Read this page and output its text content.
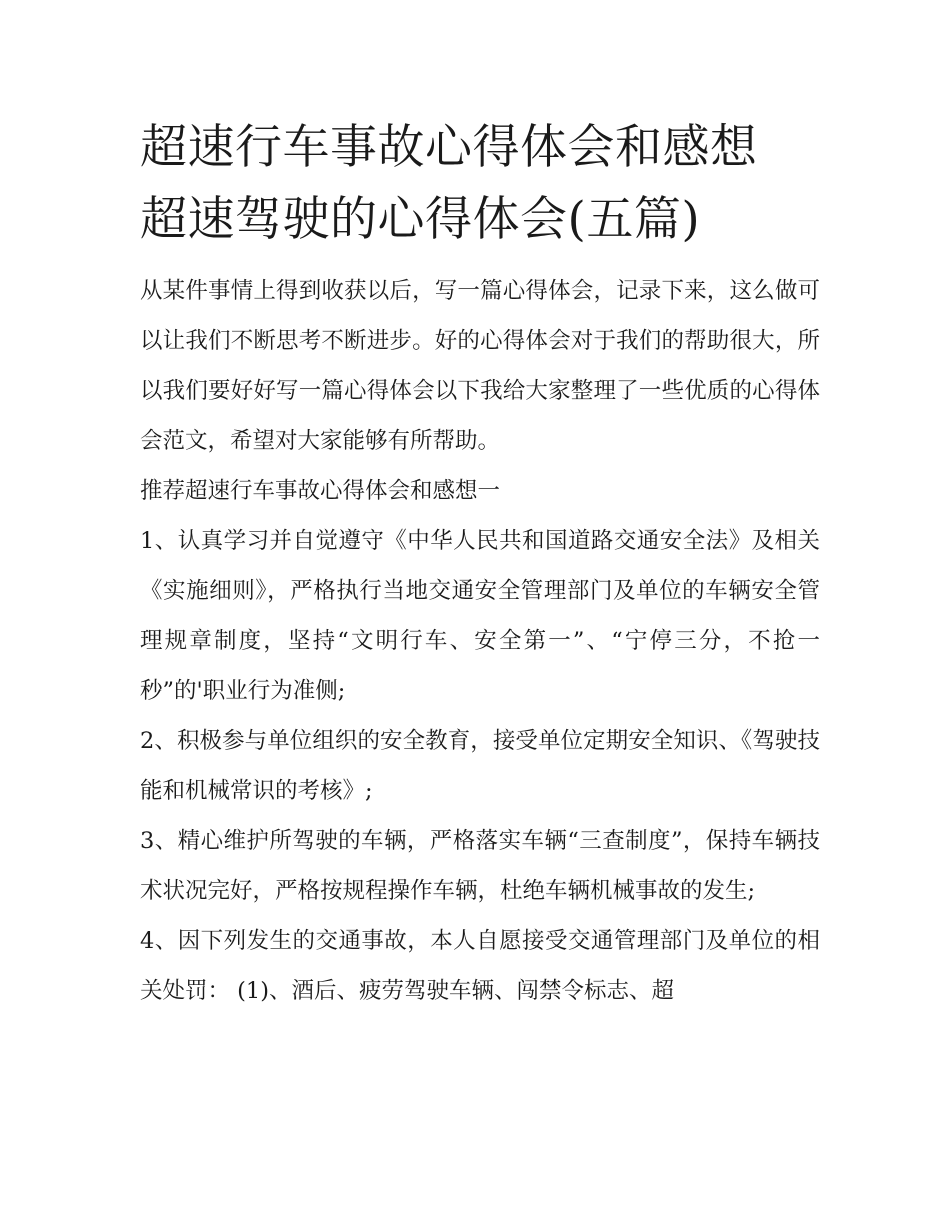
超速行车事故心得体会和感想
超速驾驶的心得体会(五篇)

从某件事情上得到收获以后，写一篇心得体会，记录下来，这么做可以让我们不断思考不断进步。好的心得体会对于我们的帮助很大，所以我们要好好写一篇心得体会以下我给大家整理了一些优质的心得体会范文，希望对大家能够有所帮助。

推荐超速行车事故心得体会和感想一

1、认真学习并自觉遵守《中华人民共和国道路交通安全法》及相关《实施细则》，严格执行当地交通安全管理部门及单位的车辆安全管理规章制度，坚持“文明行车、安全第一”、“宁停三分，不抢一秒”的'职业行为准侧;

2、积极参与单位组织的安全教育，接受单位定期安全知识、《驾驶技能和机械常识的考核》;

3、精心维护所驾驶的车辆，严格落实车辆“三查制度”，保持车辆技术状况完好，严格按规程操作车辆，杜绝车辆机械事故的发生;

4、因下列发生的交通事故，本人自愿接受交通管理部门及单位的相关处罚： (1)、酒后、疲劳驾驶车辆、闯禁令标志、超
